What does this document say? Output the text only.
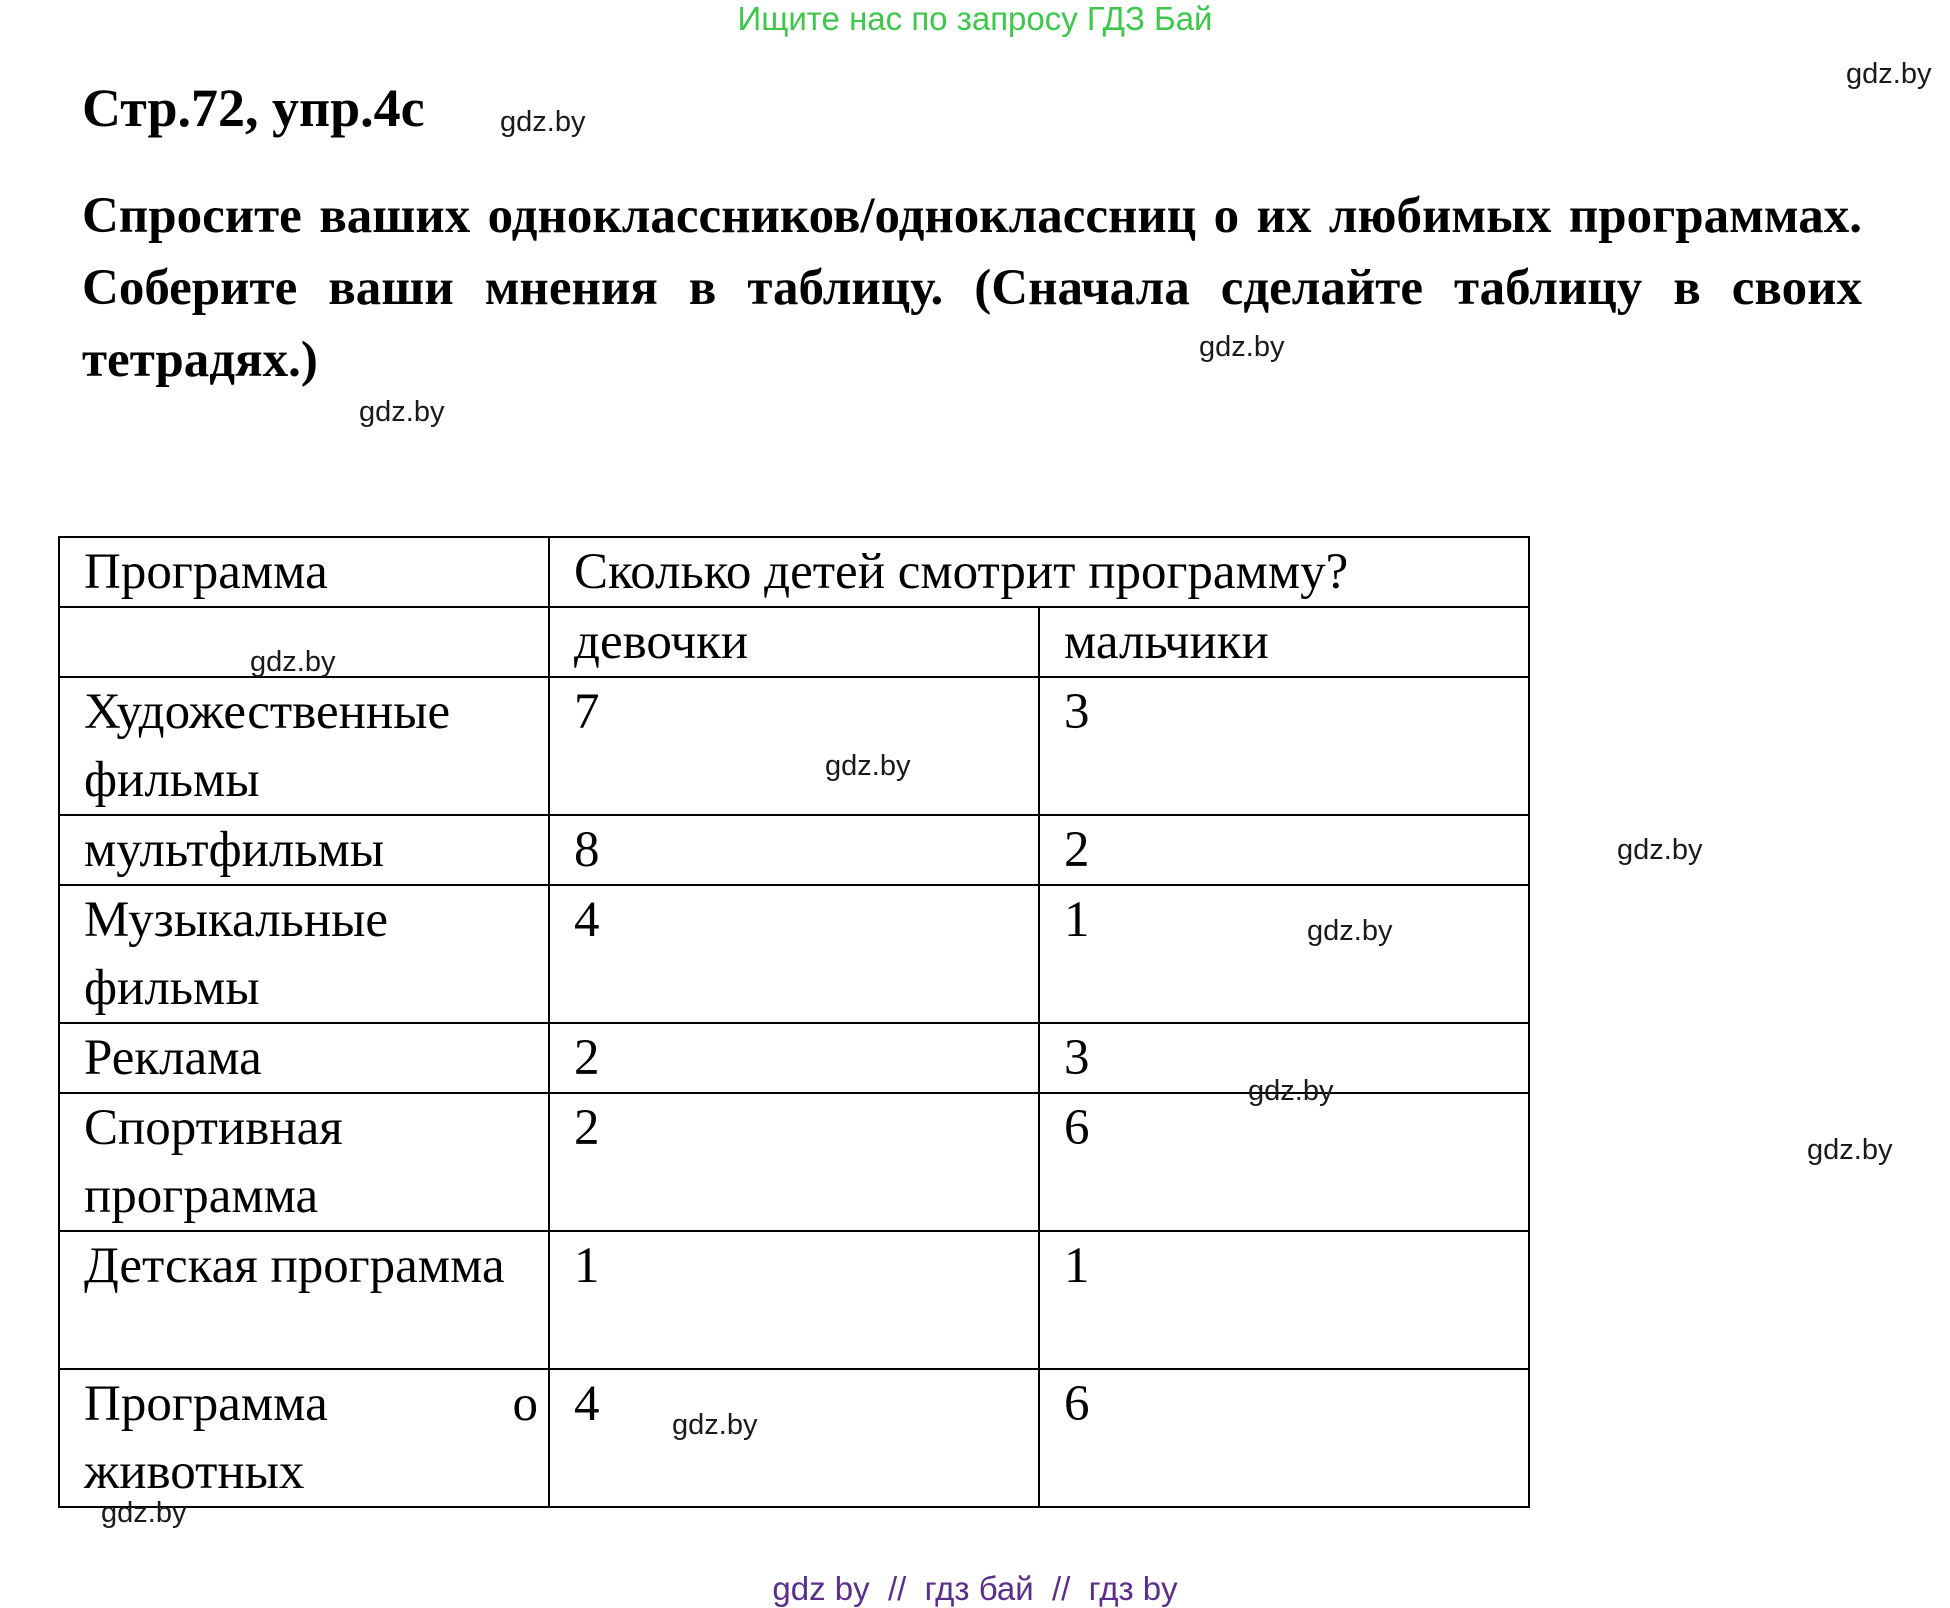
Ищите нас по запросу ГДЗ Бай
Стр.72, упр.4c
Спросите ваших одноклассников/одноклассниц о их любимых программах. Соберите ваши мнения в таблицу. (Сначала сделайте таблицу в своих тетрадях.)
Программа	Сколько детей смотрит программу?	
	девочки	мальчики
Художественные фильмы	7	3
мультфильмы	8	2
Музыкальные фильмы	4	1
Реклама	2	3
Спортивная программа	2	6
Детская программа	1	1
Программа о животных	4	6
gdz.by
gdz.by
gdz.by
gdz.by
gdz.by
gdz.by
gdz.by
gdz.by
gdz.by
gdz.by
gdz.by
gdz.by
gdz by  //  гдз бай  //  гдз by
